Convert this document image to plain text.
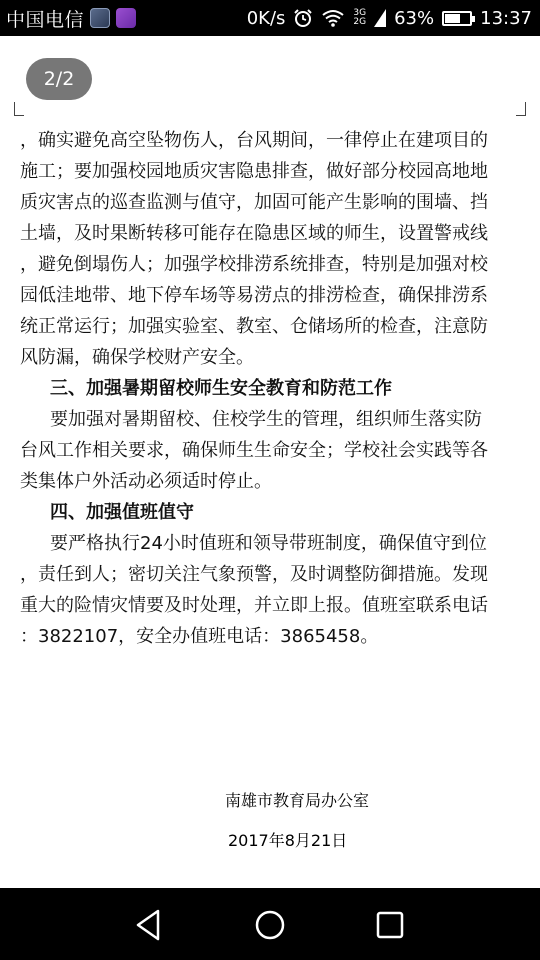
中国电信	0K/s	3G
2G 63%	13:37
2/2
，确实避免高空坠物伤人，台风期间，一律停止在建项目的
施工；要加强校园地质灾害隐患排查，做好部分校园高地地
质灾害点的巡查监测与值守，加固可能产生影响的围墙、挡
土墙，及时果断转移可能存在隐患区域的师生，设置警戒线
，避免倒塌伤人；加强学校排涝系统排查，特别是加强对校
园低洼地带、地下停车场等易涝点的排涝检查，确保排涝系
统正常运行；加强实验室、教室、仓储场所的检查，注意防
风防漏，确保学校财产安全。
三、加强暑期留校师生安全教育和防范工作
要加强对暑期留校、住校学生的管理，组织师生落实防
台风工作相关要求，确保师生生命安全；学校社会实践等各
类集体户外活动必须适时停止。
四、加强值班值守
要严格执行24小时值班和领导带班制度，确保值守到位
，责任到人；密切关注气象预警，及时调整防御措施。发现
重大的险情灾情要及时处理，并立即上报。值班室联系电话
：3822107，安全办值班电话：3865458。
南雄市教育局办公室
2017年8月21日
